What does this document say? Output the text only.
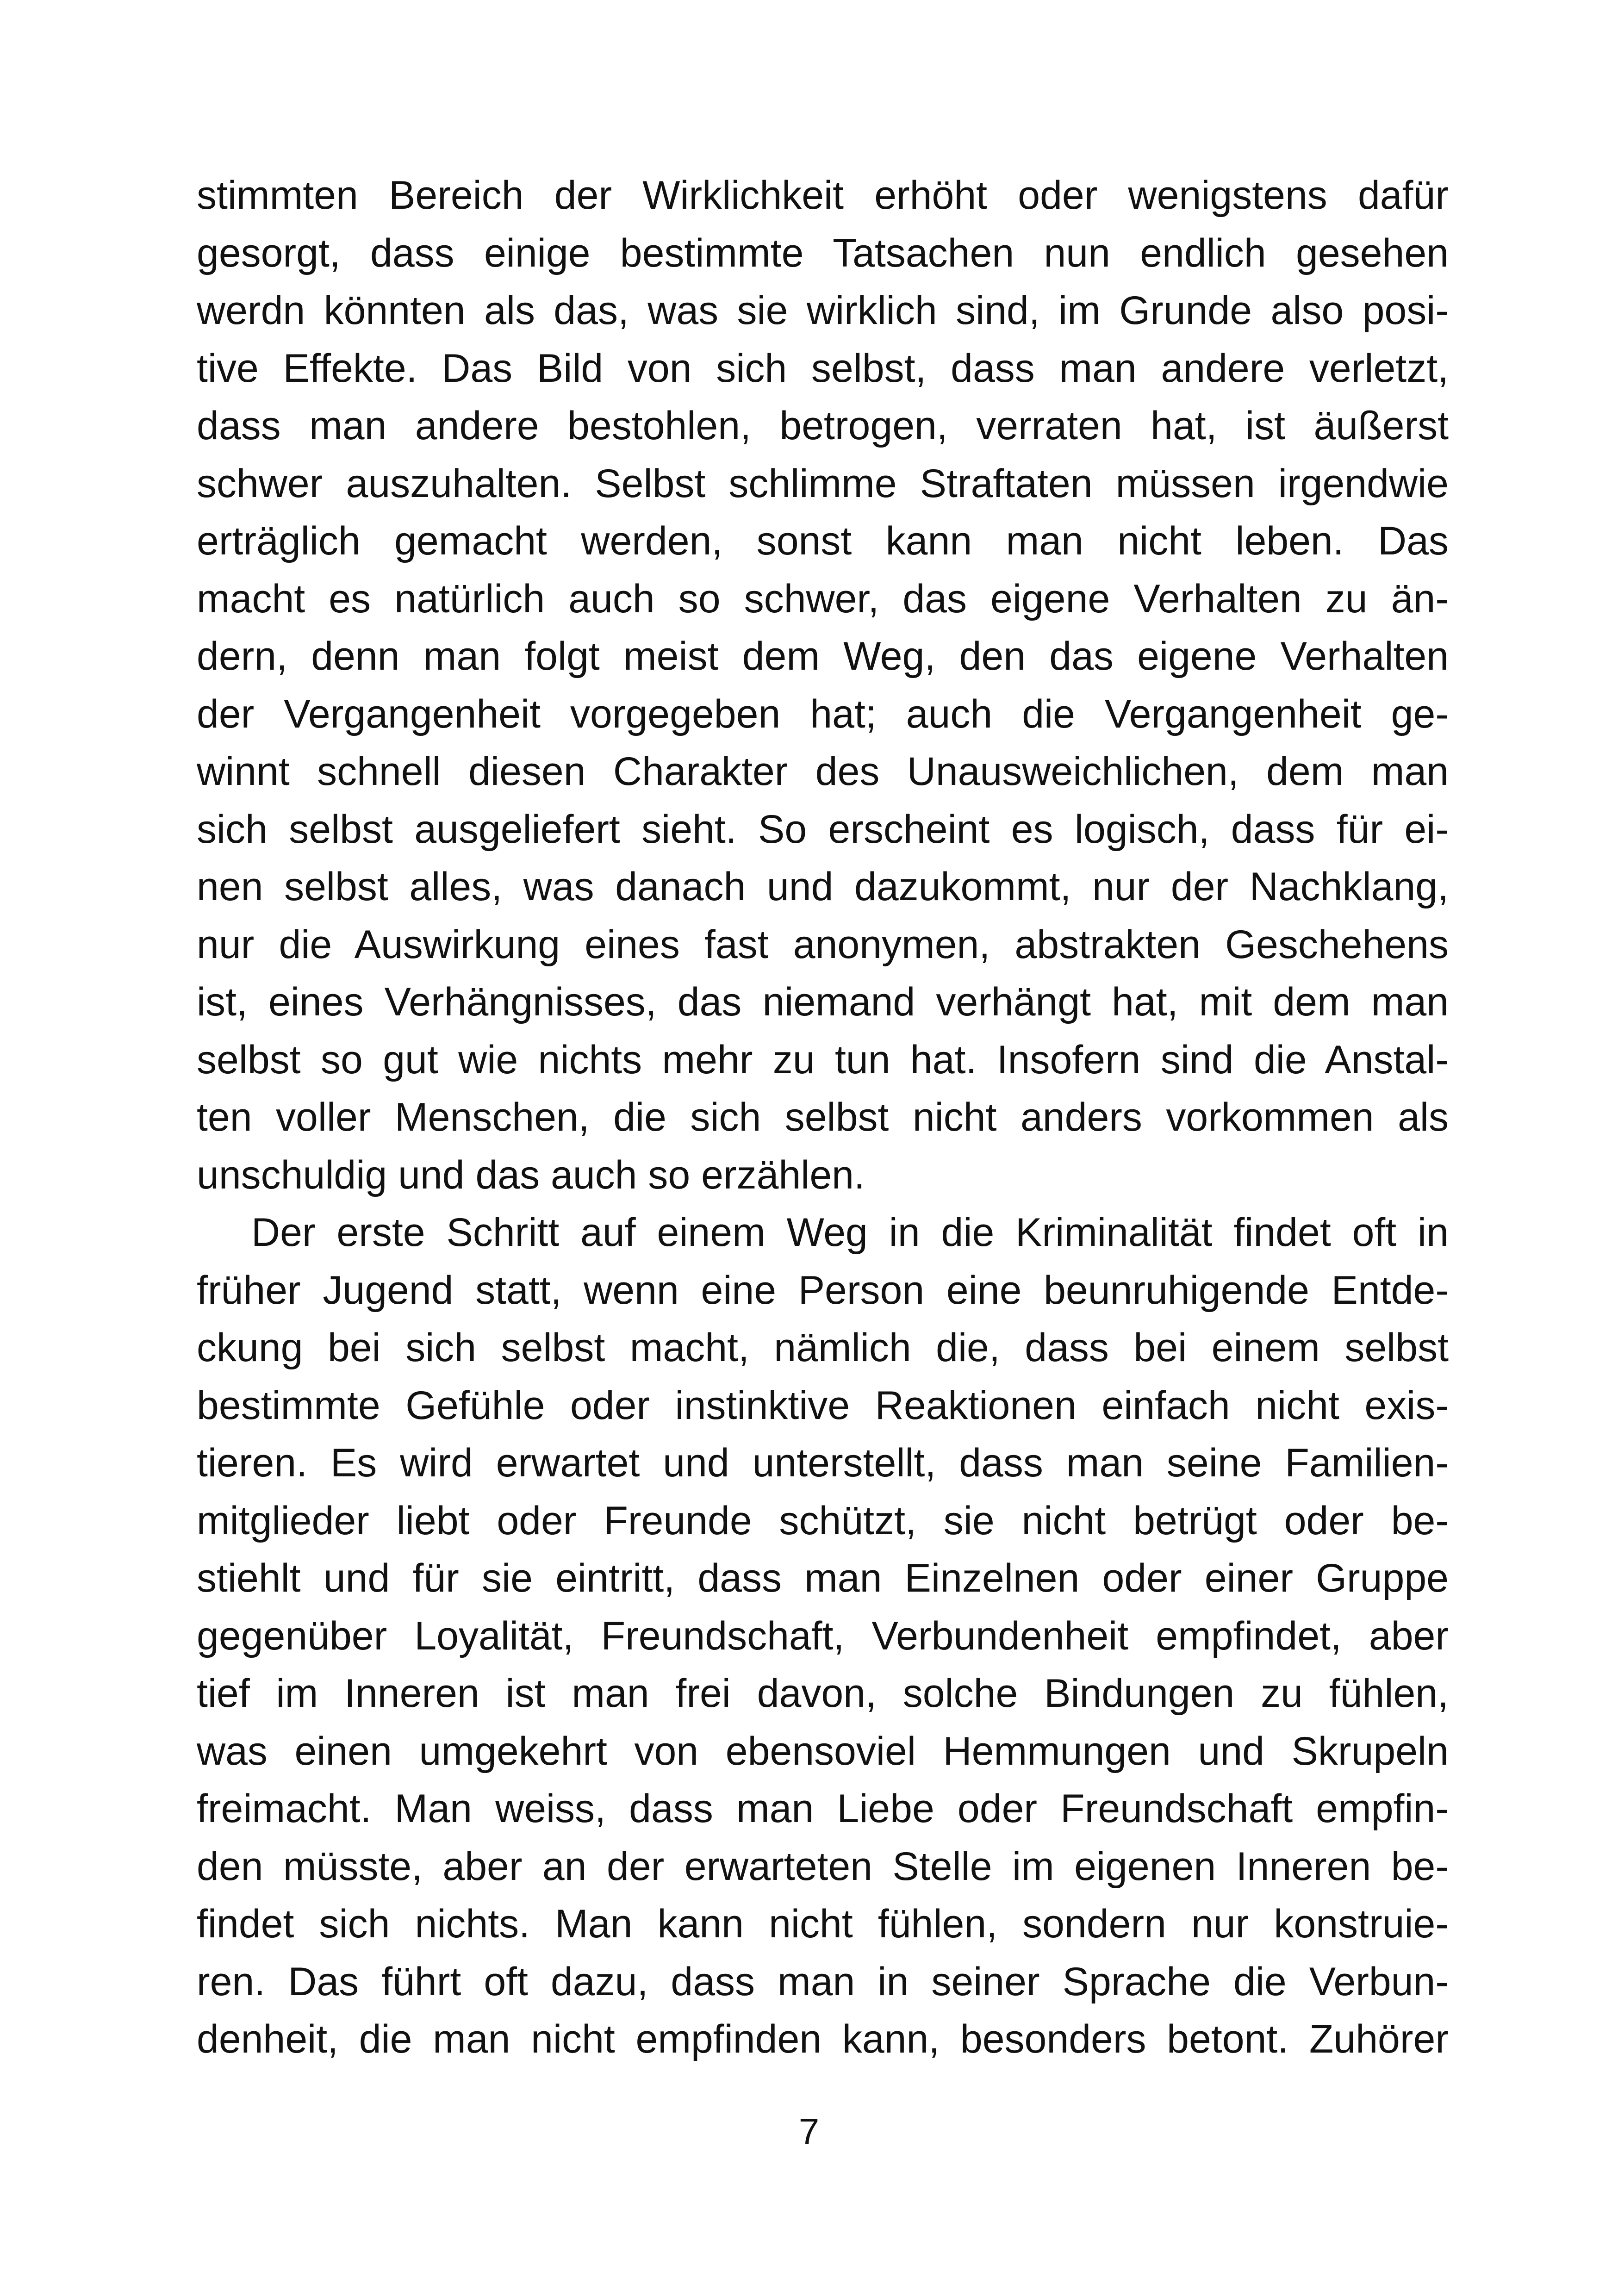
stimmten Bereich der Wirklichkeit erhöht oder wenigstens dafür
gesorgt, dass einige bestimmte Tatsachen nun endlich gesehen
werdn könnten als das, was sie wirklich sind, im Grunde also posi-
tive Effekte. Das Bild von sich selbst, dass man andere verletzt,
dass man andere bestohlen, betrogen, verraten hat, ist äußerst
schwer auszuhalten. Selbst schlimme Straftaten müssen irgendwie
erträglich gemacht werden, sonst kann man nicht leben. Das
macht es natürlich auch so schwer, das eigene Verhalten zu än-
dern, denn man folgt meist dem Weg, den das eigene Verhalten
der Vergangenheit vorgegeben hat; auch die Vergangenheit ge-
winnt schnell diesen Charakter des Unausweichlichen, dem man
sich selbst ausgeliefert sieht. So erscheint es logisch, dass für ei-
nen selbst alles, was danach und dazukommt, nur der Nachklang,
nur die Auswirkung eines fast anonymen, abstrakten Geschehens
ist, eines Verhängnisses, das niemand verhängt hat, mit dem man
selbst so gut wie nichts mehr zu tun hat. Insofern sind die Anstal-
ten voller Menschen, die sich selbst nicht anders vorkommen als
unschuldig und das auch so erzählen.
Der erste Schritt auf einem Weg in die Kriminalität findet oft in
früher Jugend statt, wenn eine Person eine beunruhigende Entde-
ckung bei sich selbst macht, nämlich die, dass bei einem selbst
bestimmte Gefühle oder instinktive Reaktionen einfach nicht exis-
tieren. Es wird erwartet und unterstellt, dass man seine Familien-
mitglieder liebt oder Freunde schützt, sie nicht betrügt oder be-
stiehlt und für sie eintritt, dass man Einzelnen oder einer Gruppe
gegenüber Loyalität, Freundschaft, Verbundenheit empfindet, aber
tief im Inneren ist man frei davon, solche Bindungen zu fühlen,
was einen umgekehrt von ebensoviel Hemmungen und Skrupeln
freimacht. Man weiss, dass man Liebe oder Freundschaft empfin-
den müsste, aber an der erwarteten Stelle im eigenen Inneren be-
findet sich nichts. Man kann nicht fühlen, sondern nur konstruie-
ren. Das führt oft dazu, dass man in seiner Sprache die Verbun-
denheit, die man nicht empfinden kann, besonders betont. Zuhörer
7
